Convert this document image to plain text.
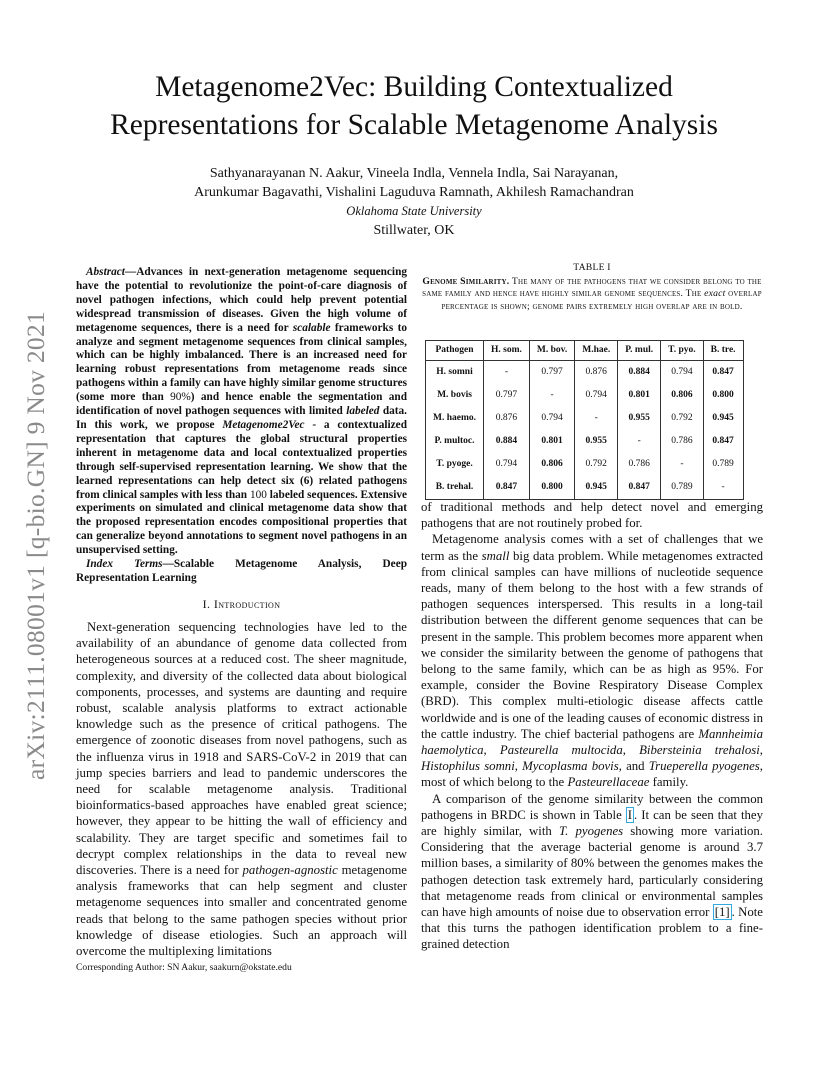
arXiv:2111.08001v1 [q-bio.GN] 9 Nov 2021
Metagenome2Vec: Building Contextualized
Representations for Scalable Metagenome Analysis
Sathyanarayanan N. Aakur, Vineela Indla, Vennela Indla, Sai Narayanan,
Arunkumar Bagavathi, Vishalini Laguduva Ramnath, Akhilesh Ramachandran
Oklahoma State University
Stillwater, OK

Abstract—Advances in next-generation metagenome sequencing have the potential to revolutionize the point-of-care diagnosis of novel pathogen infections, which could help prevent potential widespread transmission of diseases. Given the high volume of metagenome sequences, there is a need for scalable frameworks to analyze and segment metagenome sequences from clinical samples, which can be highly imbalanced. There is an increased need for learning robust representations from metagenome reads since pathogens within a family can have highly similar genome structures (some more than 90%) and hence enable the segmentation and identification of novel pathogen sequences with limited labeled data. In this work, we propose Metagenome2Vec - a contextualized representation that captures the global structural properties inherent in metagenome data and local contextualized properties through self-supervised representation learning. We show that the learned representations can help detect six (6) related pathogens from clinical samples with less than 100 labeled sequences. Extensive experiments on simulated and clinical metagenome data show that the proposed representation encodes compositional properties that can generalize beyond annotations to segment novel pathogens in an unsupervised setting.

Index Terms—Scalable Metagenome Analysis, Deep Representation Learning

I. Introduction

Next-generation sequencing technologies have led to the availability of an abundance of genome data collected from heterogeneous sources at a reduced cost. The sheer magnitude, complexity, and diversity of the collected data about biological components, processes, and systems are daunting and require robust, scalable analysis platforms to extract actionable knowledge such as the presence of critical pathogens. The emergence of zoonotic diseases from novel pathogens, such as the influenza virus in 1918 and SARS-CoV-2 in 2019 that can jump species barriers and lead to pandemic underscores the need for scalable metagenome analysis. Traditional bioinformatics-based approaches have enabled great science; however, they appear to be hitting the wall of efficiency and scalability. They are target specific and sometimes fail to decrypt complex relationships in the data to reveal new discoveries. There is a need for pathogen-agnostic metagenome analysis frameworks that can help segment and cluster metagenome sequences into smaller and concentrated genome reads that belong to the same pathogen species without prior knowledge of disease etiologies. Such an approach will overcome the multiplexing limitations

Corresponding Author: SN Aakur, saakurn@okstate.edu
TABLE I
Genome Similarity. The many of the pathogens that we consider belong to the same family and hence have highly similar genome sequences. The exact overlap percentage is shown; genome pairs extremely high overlap are in bold.
Pathogen	H. som.	M. bov.	M.hae.	P. mul.	T. pyo.	B. tre.
H. somni	-	0.797	0.876	0.884	0.794	0.847
M. bovis	0.797	-	0.794	0.801	0.806	0.800
M. haemo.	0.876	0.794	-	0.955	0.792	0.945
P. multoc.	0.884	0.801	0.955	-	0.786	0.847
T. pyoge.	0.794	0.806	0.792	0.786	-	0.789
B. trehal.	0.847	0.800	0.945	0.847	0.789	-

of traditional methods and help detect novel and emerging pathogens that are not routinely probed for.

Metagenome analysis comes with a set of challenges that we term as the small big data problem. While metagenomes extracted from clinical samples can have millions of nucleotide sequence reads, many of them belong to the host with a few strands of pathogen sequences interspersed. This results in a long-tail distribution between the different genome sequences that can be present in the sample. This problem becomes more apparent when we consider the similarity between the genome of pathogens that belong to the same family, which can be as high as 95%. For example, consider the Bovine Respiratory Disease Complex (BRD). This complex multi-etiologic disease affects cattle worldwide and is one of the leading causes of economic distress in the cattle industry. The chief bacterial pathogens are Mannheimia haemolytica, Pasteurella multocida, Bibersteinia trehalosi, Histophilus somni, Mycoplasma bovis, and Trueperella pyogenes, most of which belong to the Pasteurellaceae family.

A comparison of the genome similarity between the common pathogens in BRDC is shown in Table I . It can be seen that they are highly similar, with T. pyogenes showing more variation. Considering that the average bacterial genome is around 3.7 million bases, a similarity of 80% between the genomes makes the pathogen detection task extremely hard, particularly considering that metagenome reads from clinical or environmental samples can have high amounts of noise due to observation error [1] . Note that this turns the pathogen identification problem to a fine-grained detection
